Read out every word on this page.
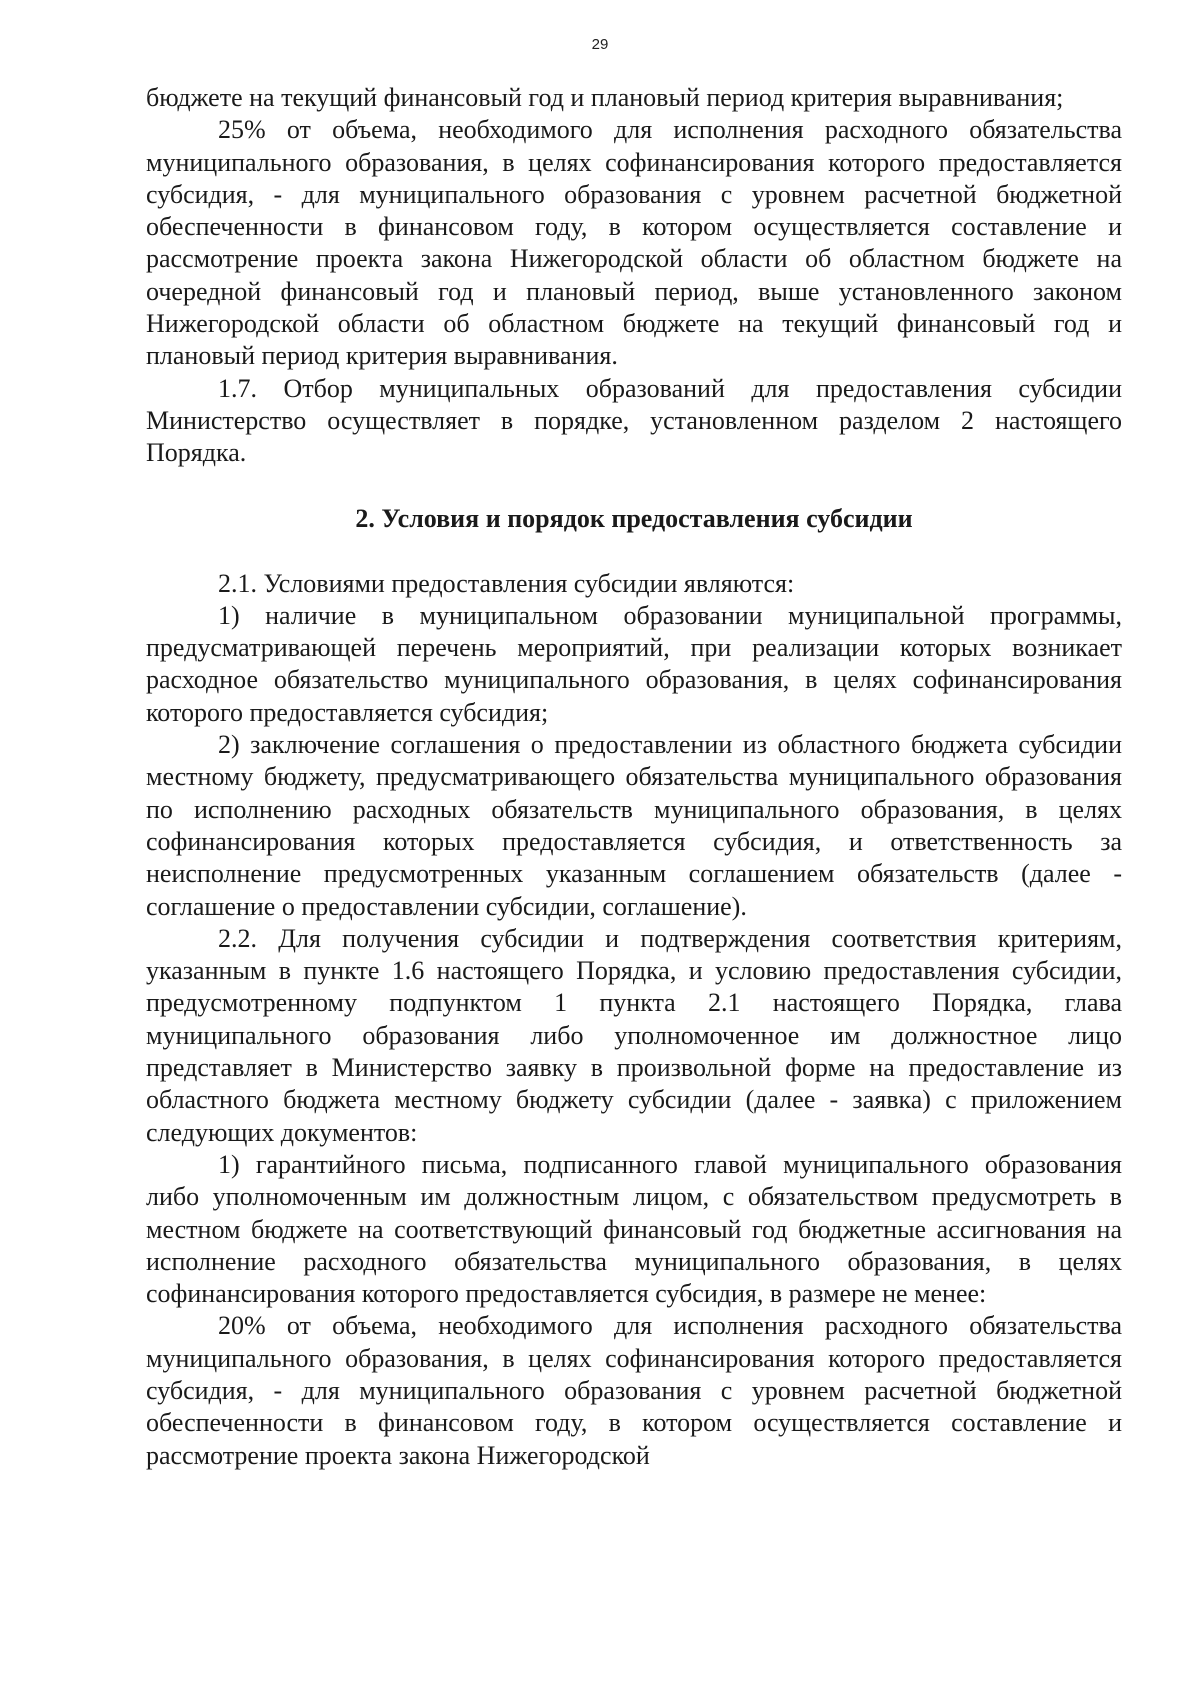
29

бюджете на текущий финансовый год и плановый период критерия выравнивания;

25% от объема, необходимого для исполнения расходного обязательства муниципального образования, в целях софинансирования которого предоставляется субсидия, - для муниципального образования с уровнем расчетной бюджетной обеспеченности в финансовом году, в котором осуществляется составление и рассмотрение проекта закона Нижегородской области об областном бюджете на очередной финансовый год и плановый период, выше установленного законом Нижегородской области об областном бюджете на текущий финансовый год и плановый период критерия выравнивания.

1.7. Отбор муниципальных образований для предоставления субсидии Министерство осуществляет в порядке, установленном разделом 2 настоящего Порядка.

2. Условия и порядок предоставления субсидии

2.1. Условиями предоставления субсидии являются:

1) наличие в муниципальном образовании муниципальной программы, предусматривающей перечень мероприятий, при реализации которых возникает расходное обязательство муниципального образования, в целях софинансирования которого предоставляется субсидия;

2) заключение соглашения о предоставлении из областного бюджета субсидии местному бюджету, предусматривающего обязательства муниципального образования по исполнению расходных обязательств муниципального образования, в целях софинансирования которых предоставляется субсидия, и ответственность за неисполнение предусмотренных указанным соглашением обязательств (далее - соглашение о предоставлении субсидии, соглашение).

2.2. Для получения субсидии и подтверждения соответствия критериям, указанным в пункте 1.6 настоящего Порядка, и условию предоставления субсидии, предусмотренному подпунктом 1 пункта 2.1 настоящего Порядка, глава муниципального образования либо уполномоченное им должностное лицо представляет в Министерство заявку в произвольной форме на предоставление из областного бюджета местному бюджету субсидии (далее - заявка) с приложением следующих документов:

1) гарантийного письма, подписанного главой муниципального образования либо уполномоченным им должностным лицом, с обязательством предусмотреть в местном бюджете на соответствующий финансовый год бюджетные ассигнования на исполнение расходного обязательства муниципального образования, в целях софинансирования которого предоставляется субсидия, в размере не менее:

20% от объема, необходимого для исполнения расходного обязательства муниципального образования, в целях софинансирования которого предоставляется субсидия, - для муниципального образования с уровнем расчетной бюджетной обеспеченности в финансовом году, в котором осуществляется составление и рассмотрение проекта закона Нижегородской
